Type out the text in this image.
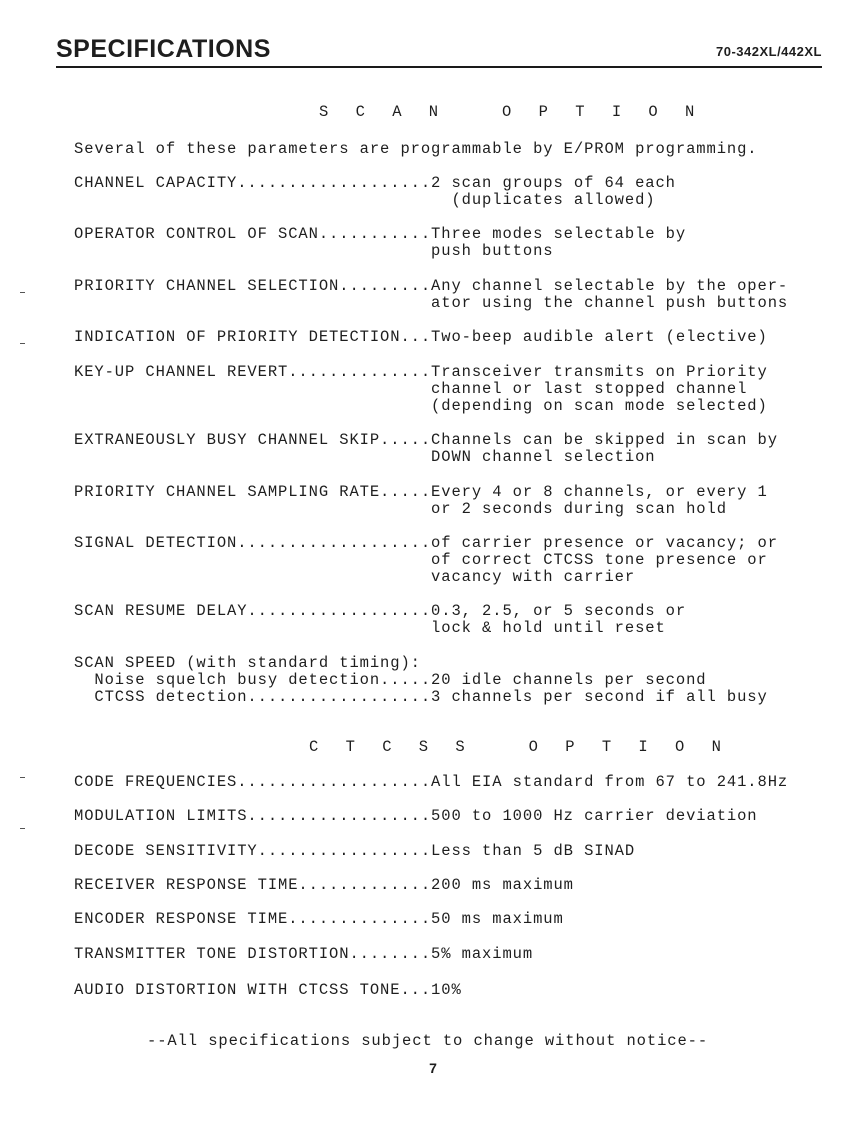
SPECIFICATIONS	70-342XL/442XL
S C A N   O P T I O N
Several of these parameters are programmable by E/PROM programming.
CHANNEL CAPACITY...................2 scan groups of 64 each
(duplicates allowed)
OPERATOR CONTROL OF SCAN...........Three modes selectable by
push buttons
PRIORITY CHANNEL SELECTION.........Any channel selectable by the oper-
ator using the channel push buttons
INDICATION OF PRIORITY DETECTION...Two-beep audible alert (elective)
KEY-UP CHANNEL REVERT..............Transceiver transmits on Priority
channel or last stopped channel
(depending on scan mode selected)
EXTRANEOUSLY BUSY CHANNEL SKIP.....Channels can be skipped in scan by
DOWN channel selection
PRIORITY CHANNEL SAMPLING RATE.....Every 4 or 8 channels, or every 1
or 2 seconds during scan hold
SIGNAL DETECTION...................of carrier presence or vacancy; or
of correct CTCSS tone presence or
vacancy with carrier
SCAN RESUME DELAY..................0.3, 2.5, or 5 seconds or
lock & hold until reset
SCAN SPEED (with standard timing):
Noise squelch busy detection.....20 idle channels per second
CTCSS detection..................3 channels per second if all busy
C T C S S   O P T I O N
CODE FREQUENCIES...................All EIA standard from 67 to 241.8Hz
MODULATION LIMITS..................500 to 1000 Hz carrier deviation
DECODE SENSITIVITY.................Less than 5 dB SINAD
RECEIVER RESPONSE TIME.............200 ms maximum
ENCODER RESPONSE TIME..............50 ms maximum
TRANSMITTER TONE DISTORTION........5% maximum
AUDIO DISTORTION WITH CTCSS TONE...10%
--All specifications subject to change without notice--
7
